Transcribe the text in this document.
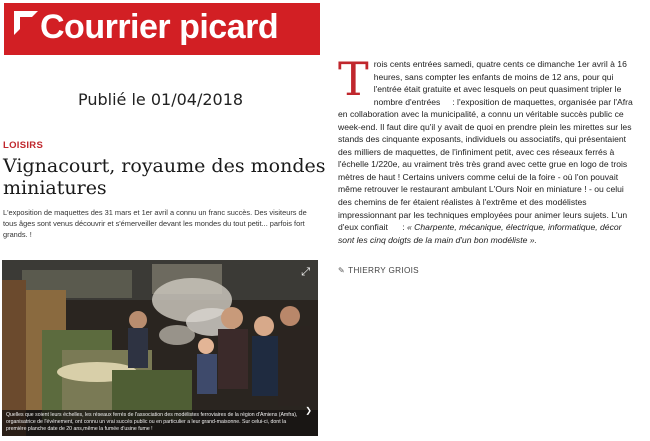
Courrier picard
Publié le 01/04/2018
LOISIRS
Vignacourt, royaume des mondes miniatures
L'exposition de maquettes des 31 mars et 1er avril a connu un franc succès. Des visiteurs de tous âges sont venus découvrir et s'émerveiller devant les mondes du tout petit... parfois fort grands. !
⤢
❯
Quelles que soient leurs échelles, les réseaux ferrés de l'association des modélistes ferroviaires de la région d'Amiens (Amfra), organisatrice de l'événement, ont connu un vrai succès public ou en particulier a leur grand-maisonne. Sur celui-ci, dont la première planche date de 20 ans,même la fumée d'usine fume !
T rois cents entrées samedi, quatre cents ce dimanche 1er avril à 16 heures, sans compter les enfants de moins de 12 ans, pour qui l'entrée était gratuite et avec lesquels on peut quasiment tripler le nombre d'entrées     : l'exposition de maquettes, organisée par l'Afra en collaboration avec la municipalité, a connu un véritable succès public ce week-end. Il faut dire qu'il y avait de quoi en prendre plein les mirettes sur les stands des cinquante exposants, individuels ou associatifs, qui présentaient des milliers de maquettes, de l'infiniment petit, avec ces réseaux ferrés à l'échelle 1/220e, au vraiment très très grand avec cette grue en logo de trois mètres de haut ! Certains univers comme celui de la foire - où l'on pouvait même retrouver le restaurant ambulant L'Ours Noir en miniature ! - ou celui des chemins de fer étaient réalistes à l'extrême et des modélistes impressionnant par les techniques employées pour animer leurs sujets. L'un d'eux confiait      : « Charpente, mécanique, électrique, informatique, décor sont les cinq doigts de la main d'un bon modéliste ».

✎ THIERRY GRIOIS
